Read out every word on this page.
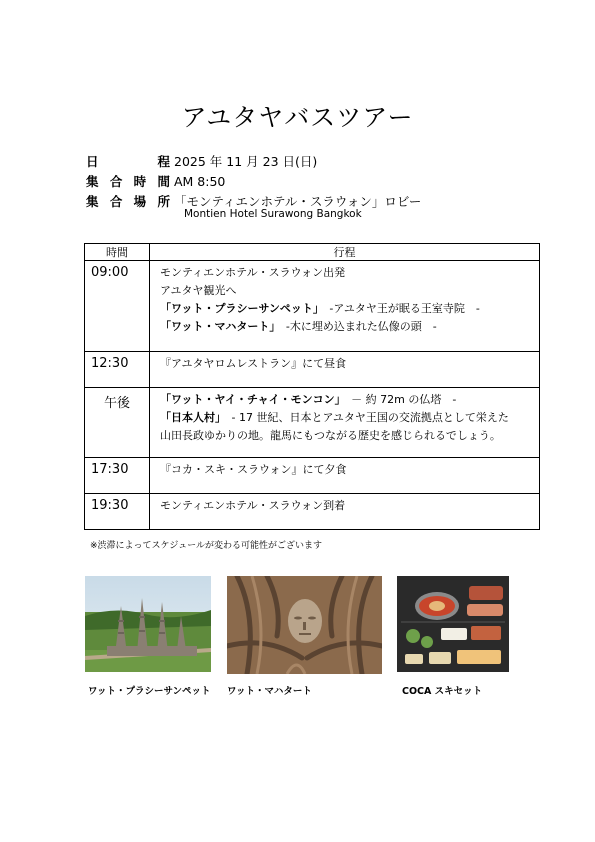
アユタヤバスツアー
日	程 2025 年 11 月 23 日(日)
集 合 時 間 AM 8:50
集 合 場 所 「モンティエンホテル・スラウォン」ロビー
Montien Hotel Surawong Bangkok
時間	行程
09:00	モンティエンホテル・スラウォン出発
アユタヤ観光へ
「ワット・プラシーサンペット」　-アユタヤ王が眠る王室寺院　-
「ワット・マハタート」　-木に埋め込まれた仏像の頭　-

12:30	『アユタヤロムレストラン』にて昼食

午後	「ワット・ヤイ・チャイ・モンコン」　－ 約 72m の仏塔　-
「日本人村」　- 17 世紀、日本とアユタヤ王国の交流拠点として栄えた
山田長政ゆかりの地。龍馬にもつながる歴史を感じられるでしょう。

17:30	『コカ・スキ・スラウォン』にて夕食

19:30	モンティエンホテル・スラウォン到着
※渋滞によってスケジュールが変わる可能性がございます
ワット・プラシーサンペット ワット・マハタート	COCA スキセット
